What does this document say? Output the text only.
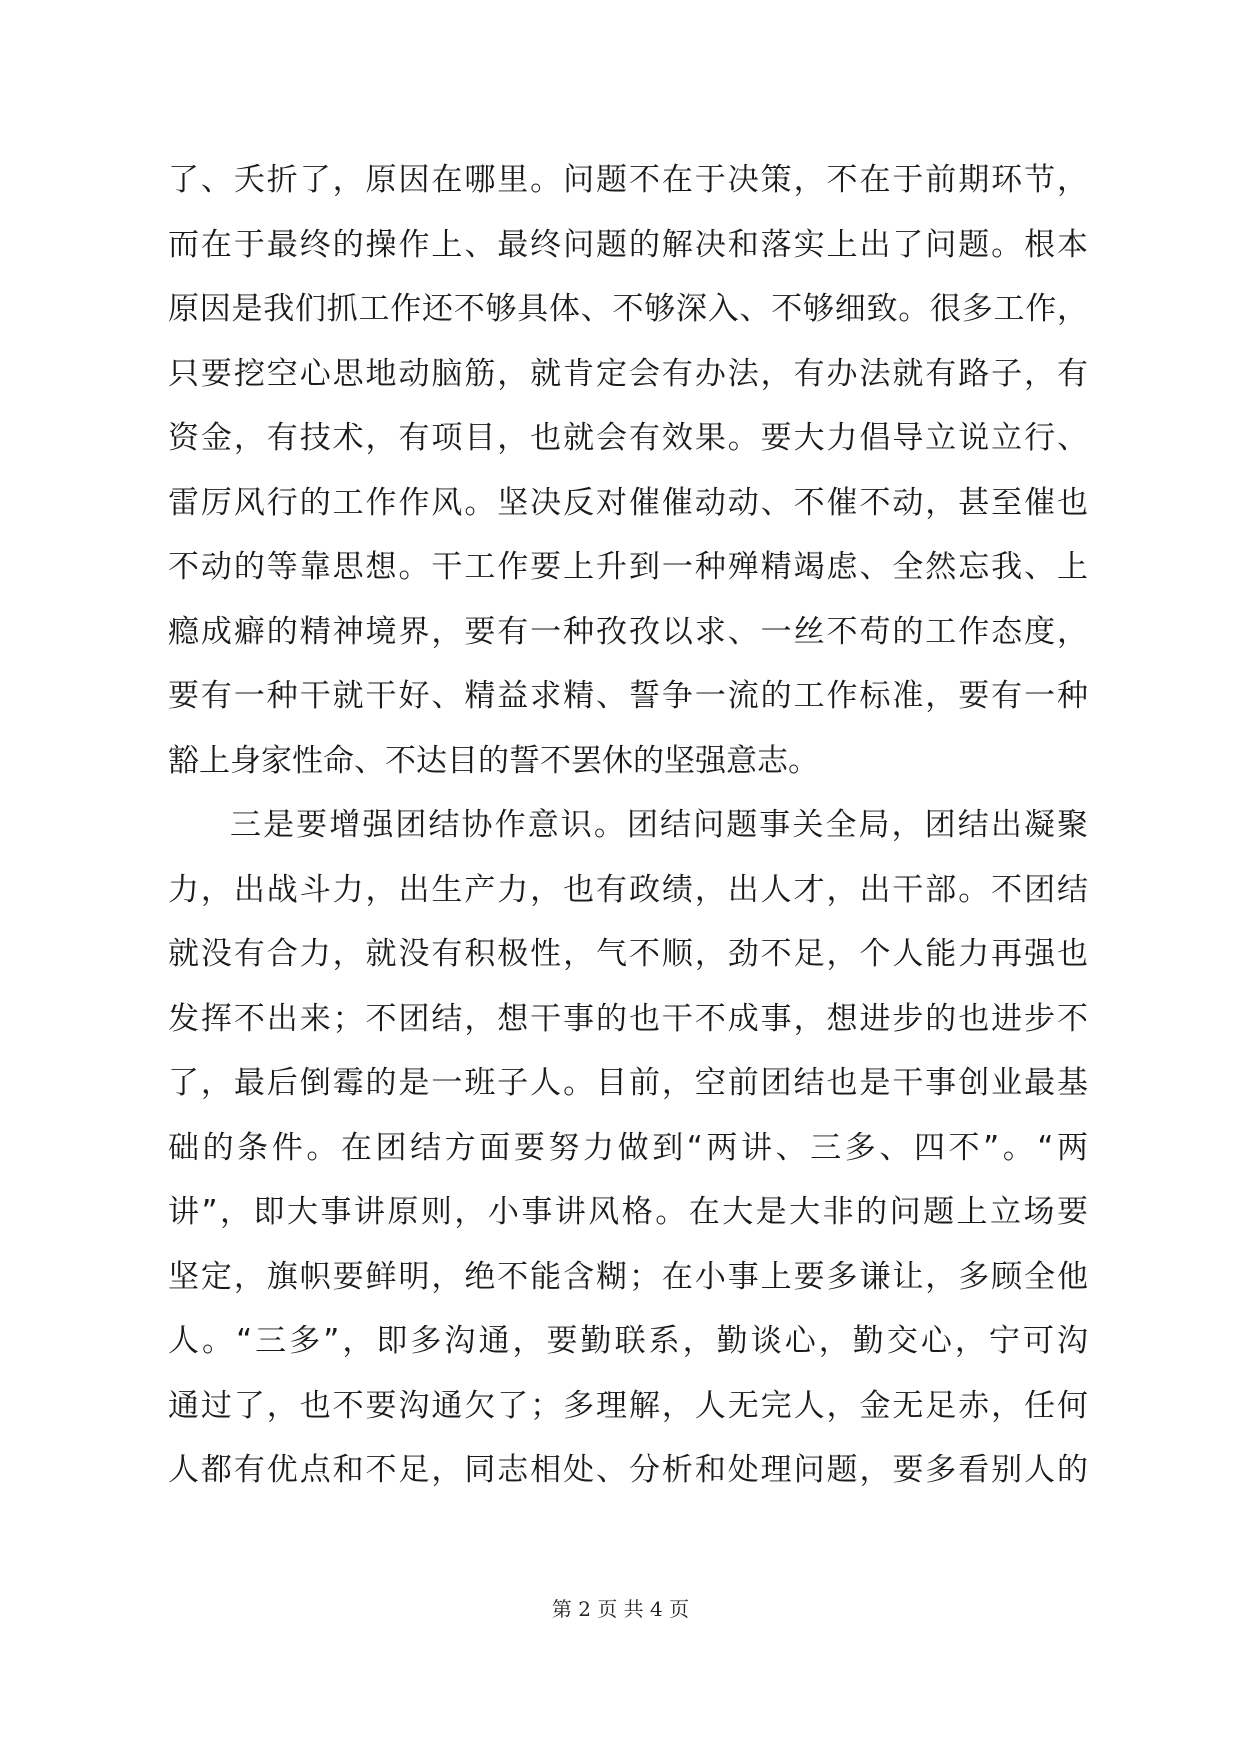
了、夭折了，原因在哪里。问题不在于决策，不在于前期环节，
而在于最终的操作上、最终问题的解决和落实上出了问题。根本
原因是我们抓工作还不够具体、不够深入、不够细致。很多工作，
只要挖空心思地动脑筋，就肯定会有办法，有办法就有路子，有
资金，有技术，有项目，也就会有效果。要大力倡导立说立行、
雷厉风行的工作作风。坚决反对催催动动、不催不动，甚至催也
不动的等靠思想。干工作要上升到一种殚精竭虑、全然忘我、上
瘾成癖的精神境界，要有一种孜孜以求、一丝不苟的工作态度，
要有一种干就干好、精益求精、誓争一流的工作标准，要有一种
豁上身家性命、不达目的誓不罢休的坚强意志。
三是要增强团结协作意识。团结问题事关全局，团结出凝聚
力，出战斗力，出生产力，也有政绩，出人才，出干部。不团结
就没有合力，就没有积极性，气不顺，劲不足，个人能力再强也
发挥不出来；不团结，想干事的也干不成事，想进步的也进步不
了，最后倒霉的是一班子人。目前，空前团结也是干事创业最基
础的条件。在团结方面要努力做到“两讲、三多、四不”。“两
讲”，即大事讲原则，小事讲风格。在大是大非的问题上立场要
坚定，旗帜要鲜明，绝不能含糊；在小事上要多谦让，多顾全他
人。“三多”，即多沟通，要勤联系，勤谈心，勤交心，宁可沟
通过了，也不要沟通欠了；多理解，人无完人，金无足赤，任何
人都有优点和不足，同志相处、分析和处理问题，要多看别人的
第 2 页 共 4 页
